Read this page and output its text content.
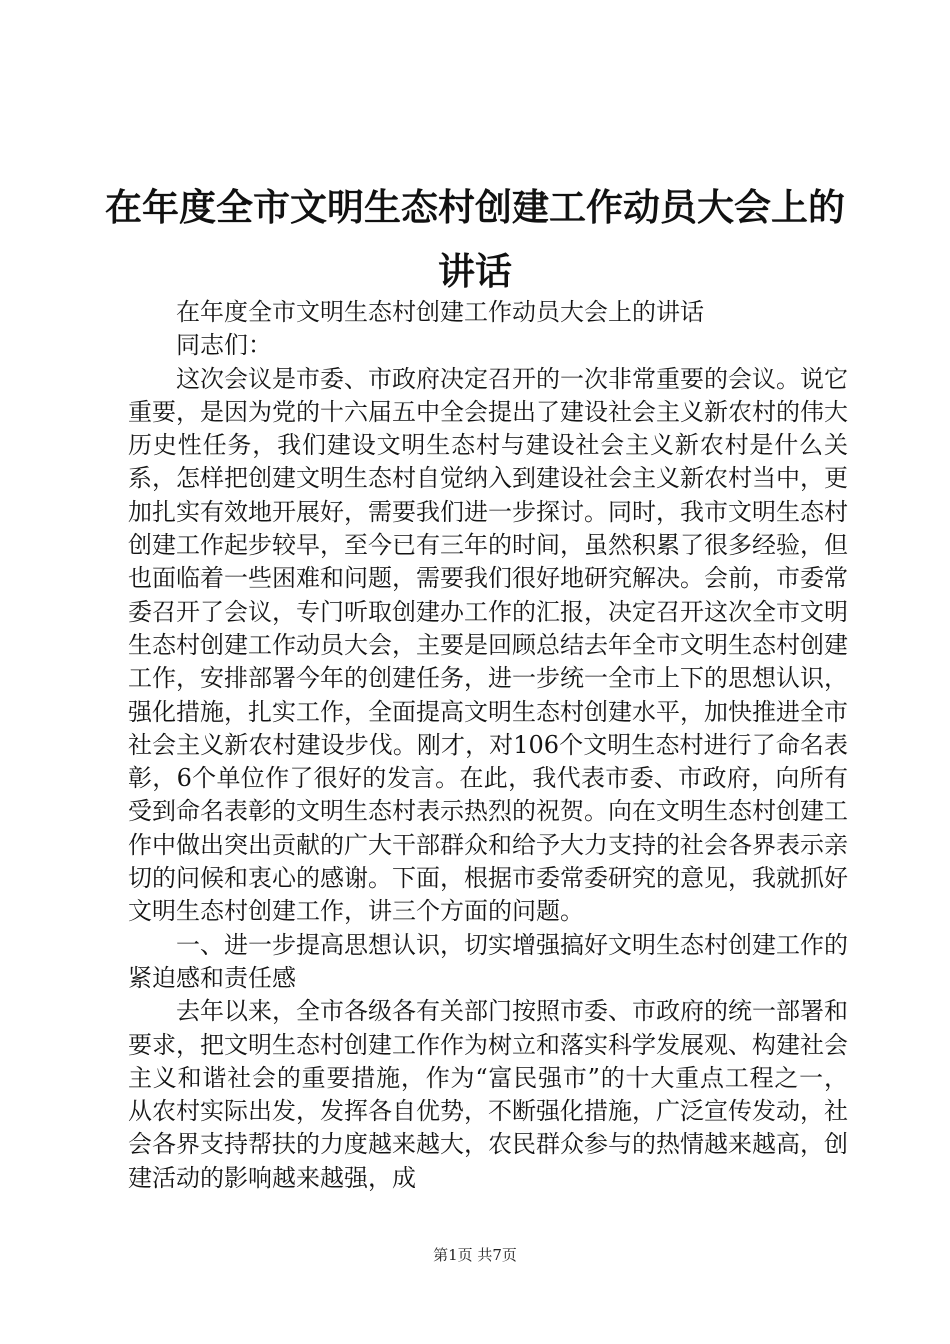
在年度全市文明生态村创建工作动员大会上的
讲话

在年度全市文明生态村创建工作动员大会上的讲话

同志们：

这次会议是市委、市政府决定召开的一次非常重要的会议。说它重要，是因为党的十六届五中全会提出了建设社会主义新农村的伟大历史性任务，我们建设文明生态村与建设社会主义新农村是什么关系，怎样把创建文明生态村自觉纳入到建设社会主义新农村当中，更加扎实有效地开展好，需要我们进一步探讨。同时，我市文明生态村创建工作起步较早，至今已有三年的时间，虽然积累了很多经验，但也面临着一些困难和问题，需要我们很好地研究解决。会前，市委常委召开了会议，专门听取创建办工作的汇报，决定召开这次全市文明生态村创建工作动员大会，主要是回顾总结去年全市文明生态村创建工作，安排部署今年的创建任务，进一步统一全市上下的思想认识，强化措施，扎实工作，全面提高文明生态村创建水平，加快推进全市社会主义新农村建设步伐。刚才，对106个文明生态村进行了命名表彰，6个单位作了很好的发言。在此，我代表市委、市政府，向所有受到命名表彰的文明生态村表示热烈的祝贺。向在文明生态村创建工作中做出突出贡献的广大干部群众和给予大力支持的社会各界表示亲切的问候和衷心的感谢。下面，根据市委常委研究的意见，我就抓好文明生态村创建工作，讲三个方面的问题。

一、进一步提高思想认识，切实增强搞好文明生态村创建工作的紧迫感和责任感

去年以来，全市各级各有关部门按照市委、市政府的统一部署和要求，把文明生态村创建工作作为树立和落实科学发展观、构建社会主义和谐社会的重要措施，作为“富民强市”的十大重点工程之一，从农村实际出发，发挥各自优势，不断强化措施，广泛宣传发动，社会各界支持帮扶的力度越来越大，农民群众参与的热情越来越高，创建活动的影响越来越强，成

第1页 共7页
